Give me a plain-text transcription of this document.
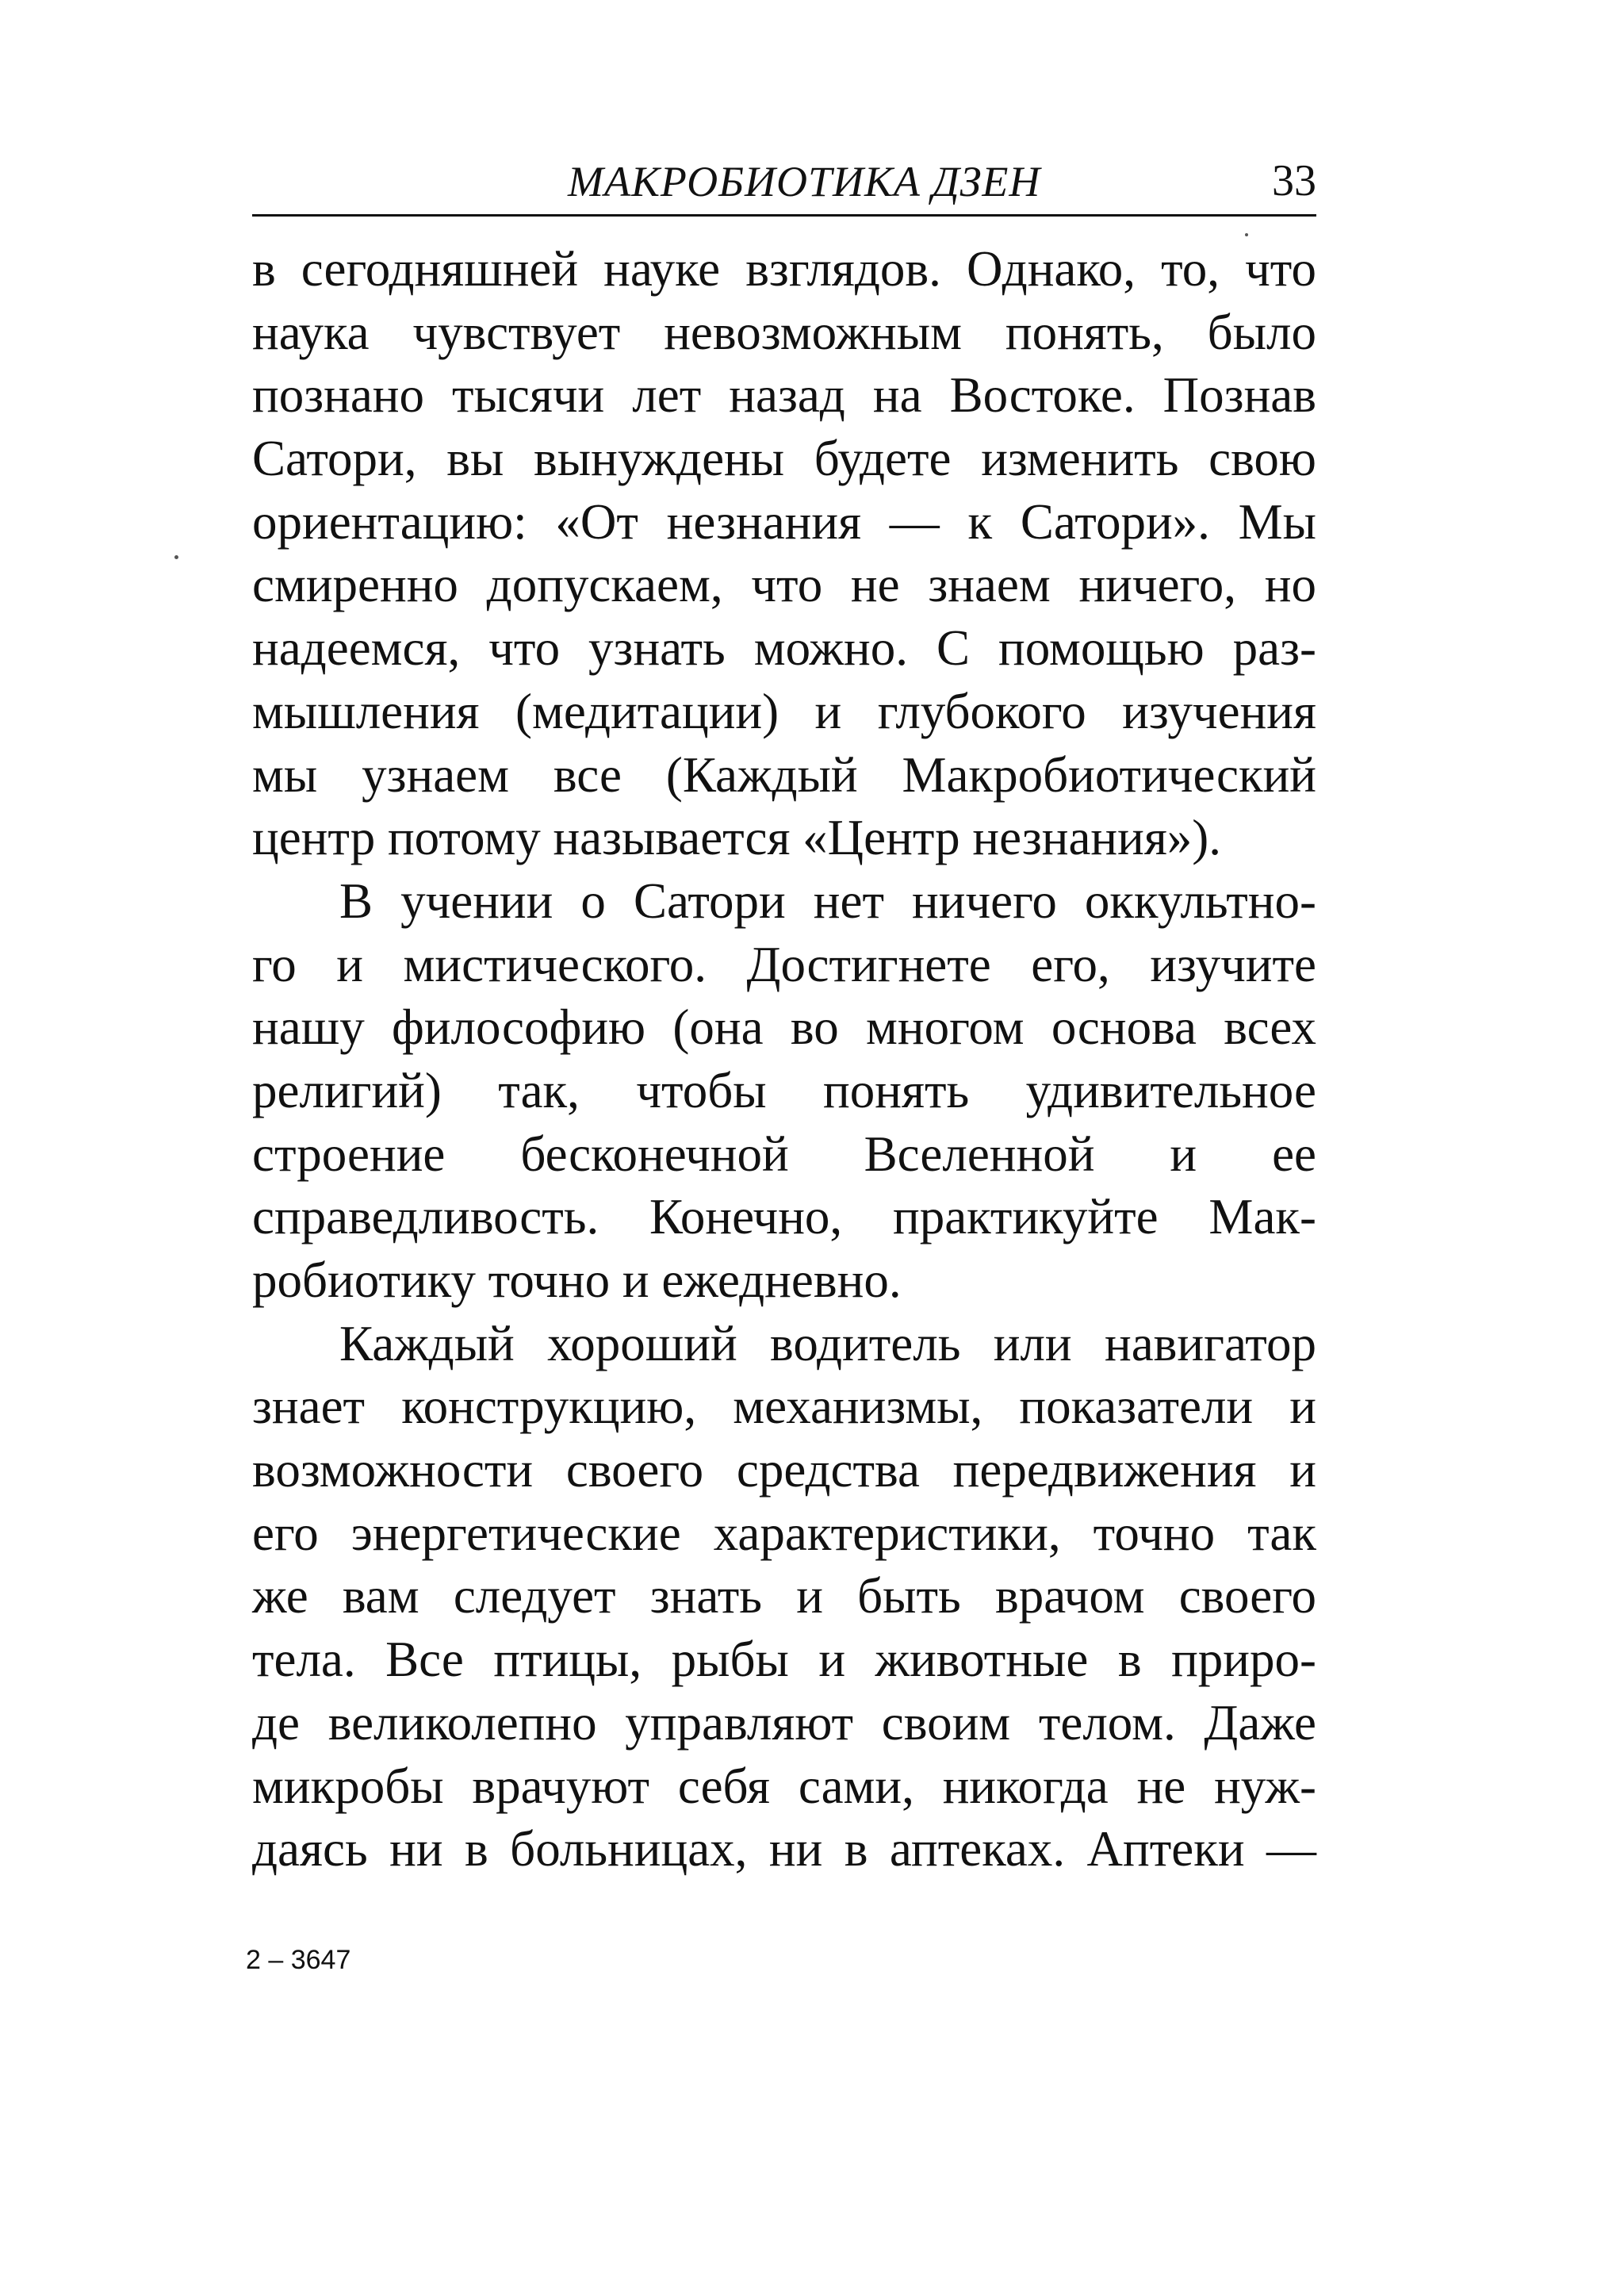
МАКРОБИОТИКА ДЗЕН	33
в сегодняшней науке взглядов. Однако, то, что
наука чувствует невозможным понять, было
познано тысячи лет назад на Востоке. Познав
Сатори, вы вынуждены будете изменить свою
ориентацию: «От незнания — к Сатори». Мы
смиренно допускаем, что не знаем ничего, но
надеемся, что узнать можно. С помощью раз-
мышления (медитации) и глубокого изучения
мы узнаем все (Каждый Макробиотический
центр потому называется «Центр незнания»).
В учении о Сатори нет ничего оккультно-
го и мистического. Достигнете его, изучите
нашу философию (она во многом основа всех
религий) так, чтобы понять удивительное
строение бесконечной Вселенной и ее
справедливость. Конечно, практикуйте Мак-
робиотику точно и ежедневно.
Каждый хороший водитель или навигатор
знает конструкцию, механизмы, показатели и
возможности своего средства передвижения и
его энергетические характеристики, точно так
же вам следует знать и быть врачом своего
тела. Все птицы, рыбы и животные в приро-
де великолепно управляют своим телом. Даже
микробы врачуют себя сами, никогда не нуж-
даясь ни в больницах, ни в аптеках. Аптеки —
2 – 3647
